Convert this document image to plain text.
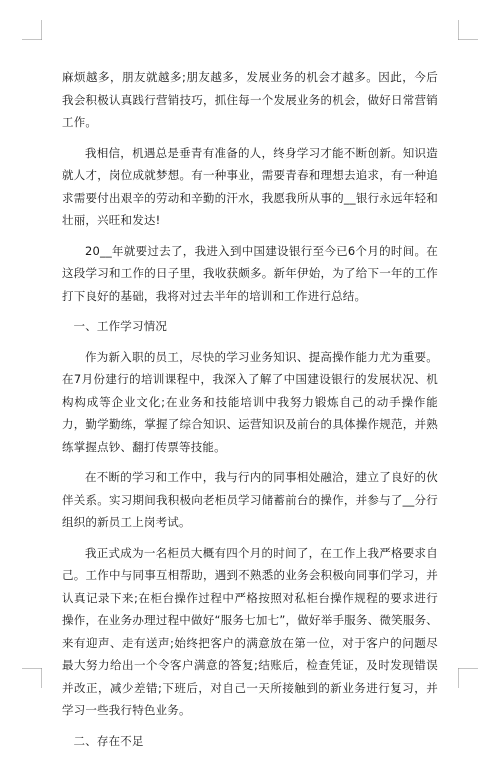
麻烦越多，朋友就越多;朋友越多，发展业务的机会才越多。因此，今后我会积极认真践行营销技巧，抓住每一个发展业务的机会，做好日常营销工作。

我相信，机遇总是垂青有准备的人，终身学习才能不断创新。知识造就人才，岗位成就梦想。有一种事业，需要青春和理想去追求，有一种追求需要付出艰辛的劳动和辛勤的汗水，我愿我所从事的__银行永远年轻和壮丽，兴旺和发达!

20__年就要过去了，我进入到中国建设银行至今已6个月的时间。在这段学习和工作的日子里，我收获颇多。新年伊始，为了给下一年的工作打下良好的基础，我将对过去半年的培训和工作进行总结。

一、工作学习情况

作为新入职的员工，尽快的学习业务知识、提高操作能力尤为重要。在7月份建行的培训课程中，我深入了解了中国建设银行的发展状况、机构构成等企业文化;在业务和技能培训中我努力锻炼自己的动手操作能力，勤学勤练，掌握了综合知识、运营知识及前台的具体操作规范，并熟练掌握点钞、翻打传票等技能。

在不断的学习和工作中，我与行内的同事相处融洽，建立了良好的伙伴关系。实习期间我积极向老柜员学习储蓄前台的操作，并参与了__分行组织的新员工上岗考试。

我正式成为一名柜员大概有四个月的时间了，在工作上我严格要求自己。工作中与同事互相帮助，遇到不熟悉的业务会积极向同事们学习，并认真记录下来;在柜台操作过程中严格按照对私柜台操作规程的要求进行操作，在业务办理过程中做好“服务七加七”，做好举手服务、微笑服务、来有迎声、走有送声;始终把客户的满意放在第一位，对于客户的问题尽最大努力给出一个令客户满意的答复;结账后，检查凭证，及时发现错误并改正，减少差错;下班后，对自己一天所接触到的新业务进行复习，并学习一些我行特色业务。

二、存在不足
